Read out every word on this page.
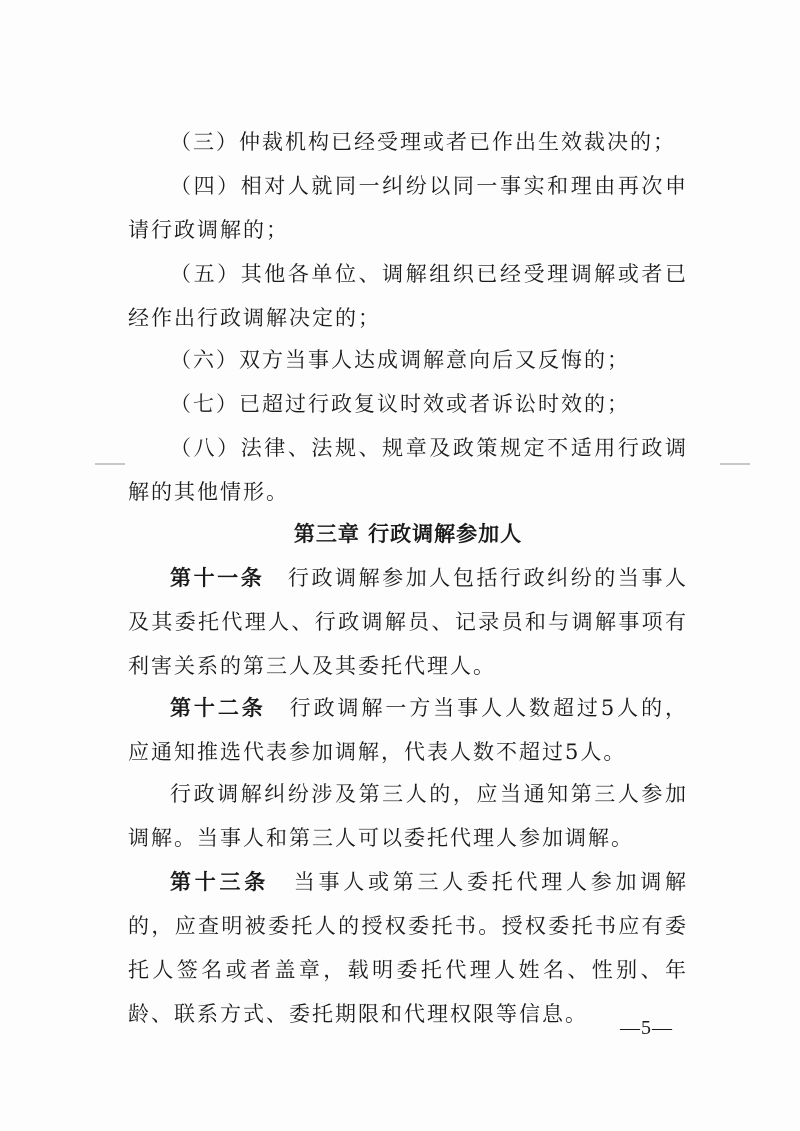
（三）仲裁机构已经受理或者已作出生效裁决的；

（四）相对人就同一纠纷以同一事实和理由再次申请行政调解的；

（五）其他各单位、调解组织已经受理调解或者已经作出行政调解决定的；

（六）双方当事人达成调解意向后又反悔的；

（七）已超过行政复议时效或者诉讼时效的；

（八）法律、法规、规章及政策规定不适用行政调解的其他情形。

第三章 行政调解参加人

第十一条　行政调解参加人包括行政纠纷的当事人及其委托代理人、行政调解员、记录员和与调解事项有利害关系的第三人及其委托代理人。

第十二条　行政调解一方当事人人数超过5人的，应通知推选代表参加调解，代表人数不超过5人。

行政调解纠纷涉及第三人的，应当通知第三人参加调解。当事人和第三人可以委托代理人参加调解。

第十三条　当事人或第三人委托代理人参加调解的，应查明被委托人的授权委托书。授权委托书应有委托人签名或者盖章，载明委托代理人姓名、性别、年龄、联系方式、委托期限和代理权限等信息。

—5—
